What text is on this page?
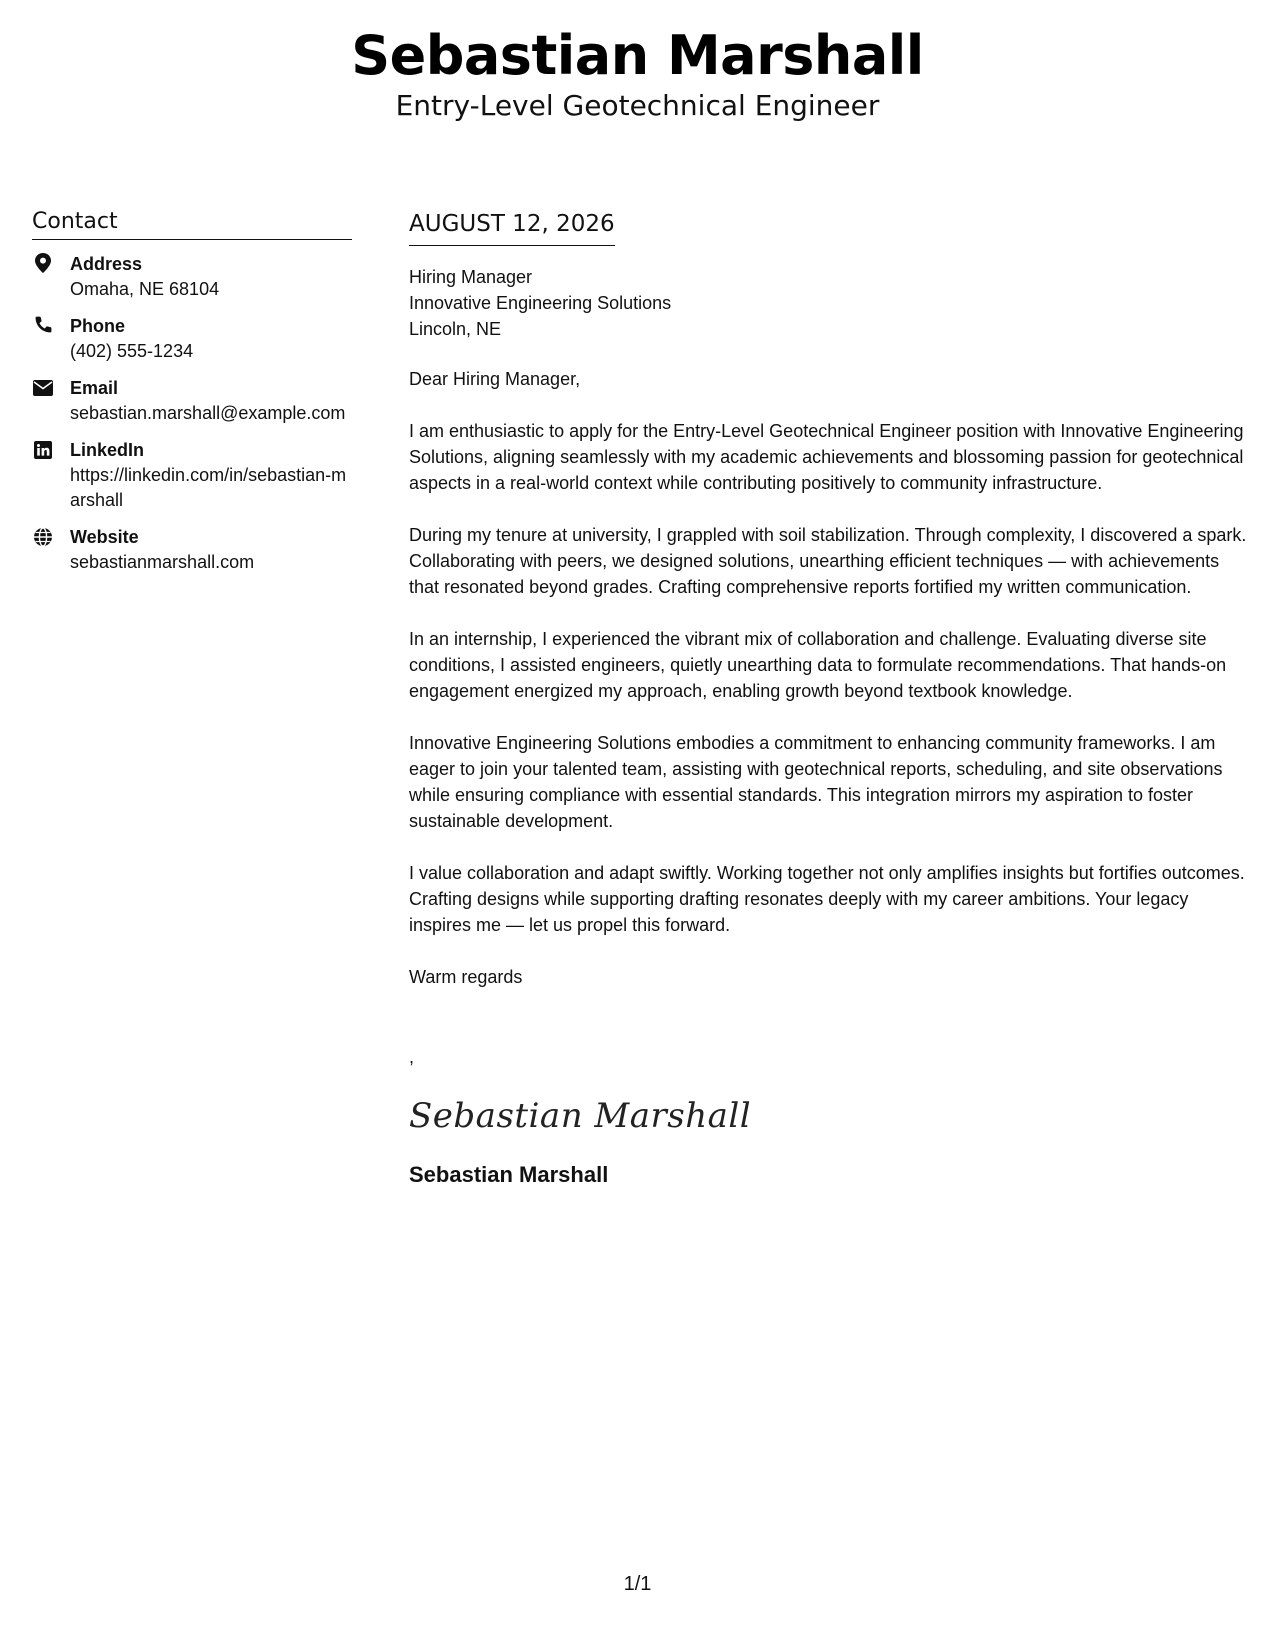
Sebastian Marshall
Entry-Level Geotechnical Engineer
Contact
Address
Omaha, NE 68104
Phone
(402) 555-1234
Email
sebastian.marshall@example.com
LinkedIn
https://linkedin.com/in/sebastian-marshall
Website
sebastianmarshall.com
AUGUST 12, 2026
Hiring Manager
Innovative Engineering Solutions
Lincoln, NE
Dear Hiring Manager,
I am enthusiastic to apply for the Entry-Level Geotechnical Engineer position with Innovative Engineering Solutions, aligning seamlessly with my academic achievements and blossoming passion for geotechnical aspects in a real-world context while contributing positively to community infrastructure.
During my tenure at university, I grappled with soil stabilization. Through complexity, I discovered a spark. Collaborating with peers, we designed solutions, unearthing efficient techniques — with achievements that resonated beyond grades. Crafting comprehensive reports fortified my written communication.
In an internship, I experienced the vibrant mix of collaboration and challenge. Evaluating diverse site conditions, I assisted engineers, quietly unearthing data to formulate recommendations. That hands-on engagement energized my approach, enabling growth beyond textbook knowledge.
Innovative Engineering Solutions embodies a commitment to enhancing community frameworks. I am eager to join your talented team, assisting with geotechnical reports, scheduling, and site observations while ensuring compliance with essential standards. This integration mirrors my aspiration to foster sustainable development.
I value collaboration and adapt swiftly. Working together not only amplifies insights but fortifies outcomes. Crafting designs while supporting drafting resonates deeply with my career ambitions. Your legacy inspires me — let us propel this forward.
Warm regards
,
Sebastian Marshall
Sebastian Marshall
1/1
